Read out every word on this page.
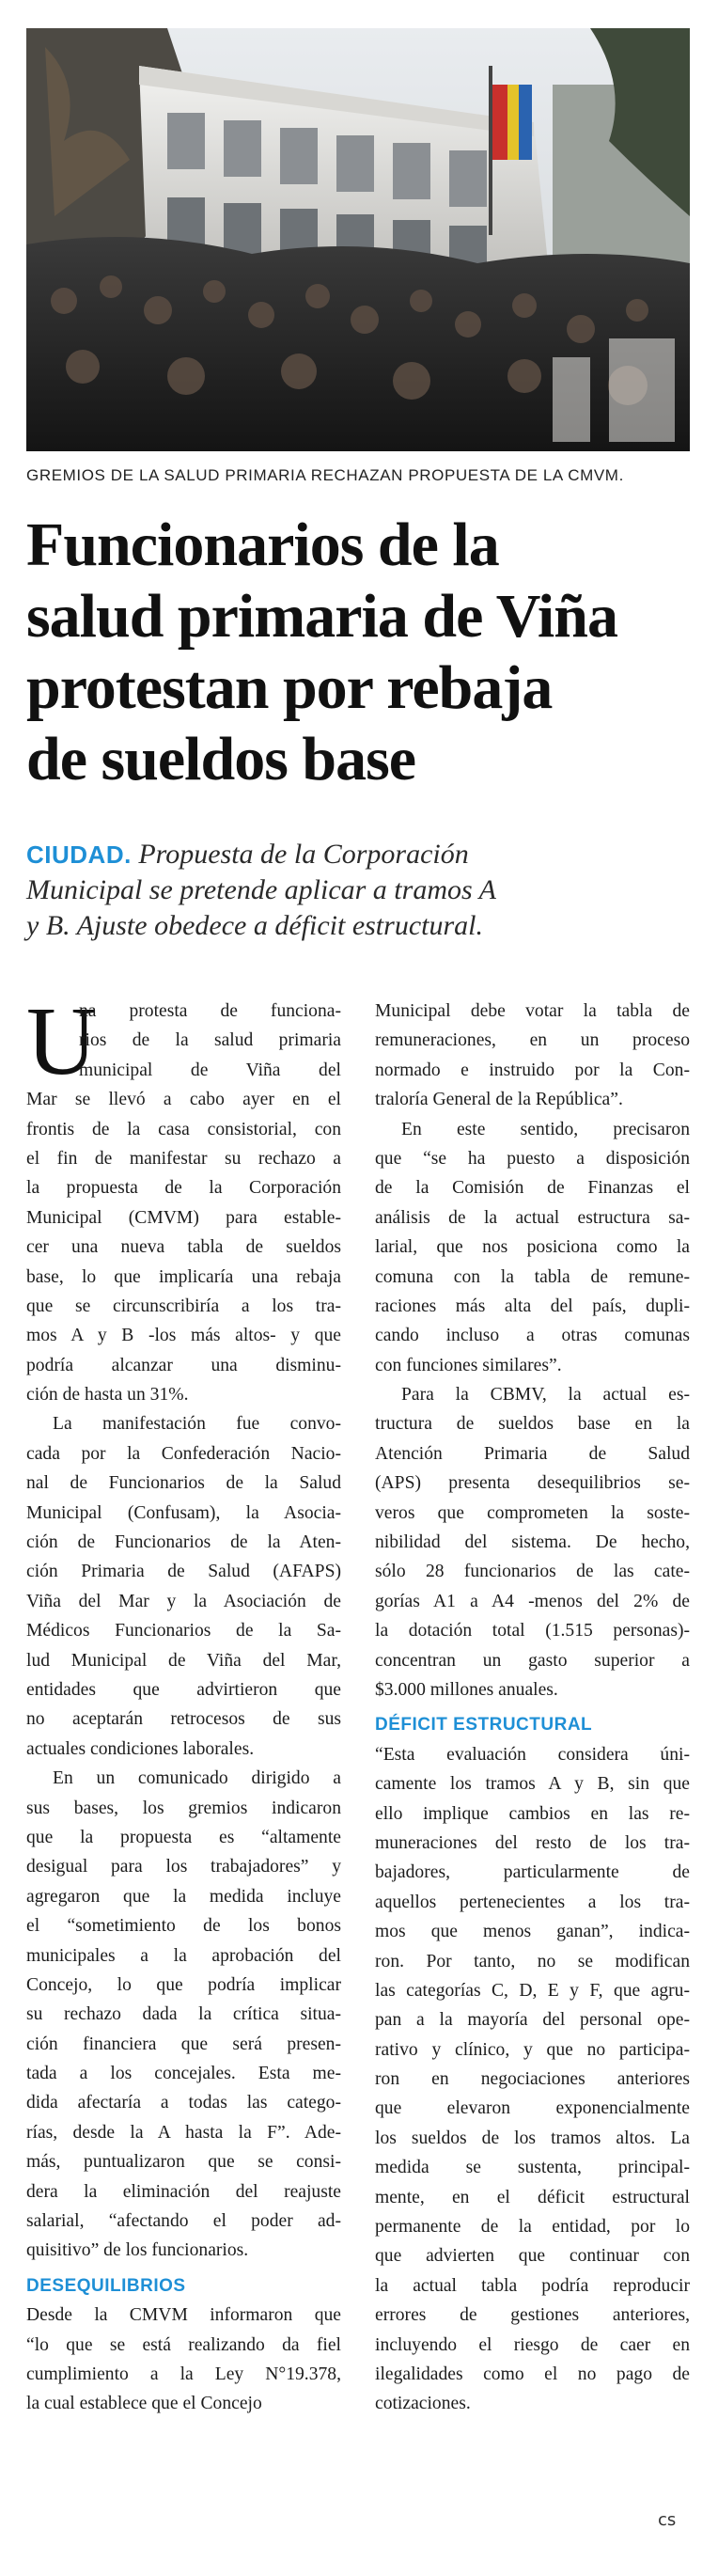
GREMIOS DE LA SALUD PRIMARIA RECHAZAN PROPUESTA DE LA CMVM.
Funcionarios de la
salud primaria de Viña
protestan por rebaja
de sueldos base
CIUDAD. Propuesta de la Corporación
Municipal se pretende aplicar a tramos A
y B. Ajuste obedece a déficit estructural.
U
na protesta de funciona-
rios de la salud primaria
municipal de Viña del
Mar se llevó a cabo ayer en el
frontis de la casa consistorial, con
el fin de manifestar su rechazo a
la propuesta de la Corporación
Municipal (CMVM) para estable-
cer una nueva tabla de sueldos
base, lo que implicaría una rebaja
que se circunscribiría a los tra-
mos A y B -los más altos- y que
podría alcanzar una disminu-
ción de hasta un 31%.
La manifestación fue convo-
cada por la Confederación Nacio-
nal de Funcionarios de la Salud
Municipal (Confusam), la Asocia-
ción de Funcionarios de la Aten-
ción Primaria de Salud (AFAPS)
Viña del Mar y la Asociación de
Médicos Funcionarios de la Sa-
lud Municipal de Viña del Mar,
entidades que advirtieron que
no aceptarán retrocesos de sus
actuales condiciones laborales.
En un comunicado dirigido a
sus bases, los gremios indicaron
que la propuesta es “altamente
desigual para los trabajadores” y
agregaron que la medida incluye
el “sometimiento de los bonos
municipales a la aprobación del
Concejo, lo que podría implicar
su rechazo dada la crítica situa-
ción financiera que será presen-
tada a los concejales. Esta me-
dida afectaría a todas las catego-
rías, desde la A hasta la F”. Ade-
más, puntualizaron que se consi-
dera la eliminación del reajuste
salarial, “afectando el poder ad-
quisitivo” de los funcionarios.
DESEQUILIBRIOS
Desde la CMVM informaron que
“lo que se está realizando da fiel
cumplimiento a la Ley N°19.378,
la cual establece que el Concejo
Municipal debe votar la tabla de
remuneraciones, en un proceso
normado e instruido por la Con-
traloría General de la República”.
En este sentido, precisaron
que “se ha puesto a disposición
de la Comisión de Finanzas el
análisis de la actual estructura sa-
larial, que nos posiciona como la
comuna con la tabla de remune-
raciones más alta del país, dupli-
cando incluso a otras comunas
con funciones similares”.
Para la CBMV, la actual es-
tructura de sueldos base en la
Atención Primaria de Salud
(APS) presenta desequilibrios se-
veros que comprometen la soste-
nibilidad del sistema. De hecho,
sólo 28 funcionarios de las cate-
gorías A1 a A4 -menos del 2% de
la dotación total (1.515 personas)-
concentran un gasto superior a
$3.000 millones anuales.
DÉFICIT ESTRUCTURAL
“Esta evaluación considera úni-
camente los tramos A y B, sin que
ello implique cambios en las re-
muneraciones del resto de los tra-
bajadores, particularmente de
aquellos pertenecientes a los tra-
mos que menos ganan”, indica-
ron. Por tanto, no se modifican
las categorías C, D, E y F, que agru-
pan a la mayoría del personal ope-
rativo y clínico, y que no participa-
ron en negociaciones anteriores
que elevaron exponencialmente
los sueldos de los tramos altos. La
medida se sustenta, principal-
mente, en el déficit estructural
permanente de la entidad, por lo
que advierten que continuar con
la actual tabla podría reproducir
errores de gestiones anteriores,
incluyendo el riesgo de caer en
ilegalidades como el no pago de
cotizaciones.
cs
